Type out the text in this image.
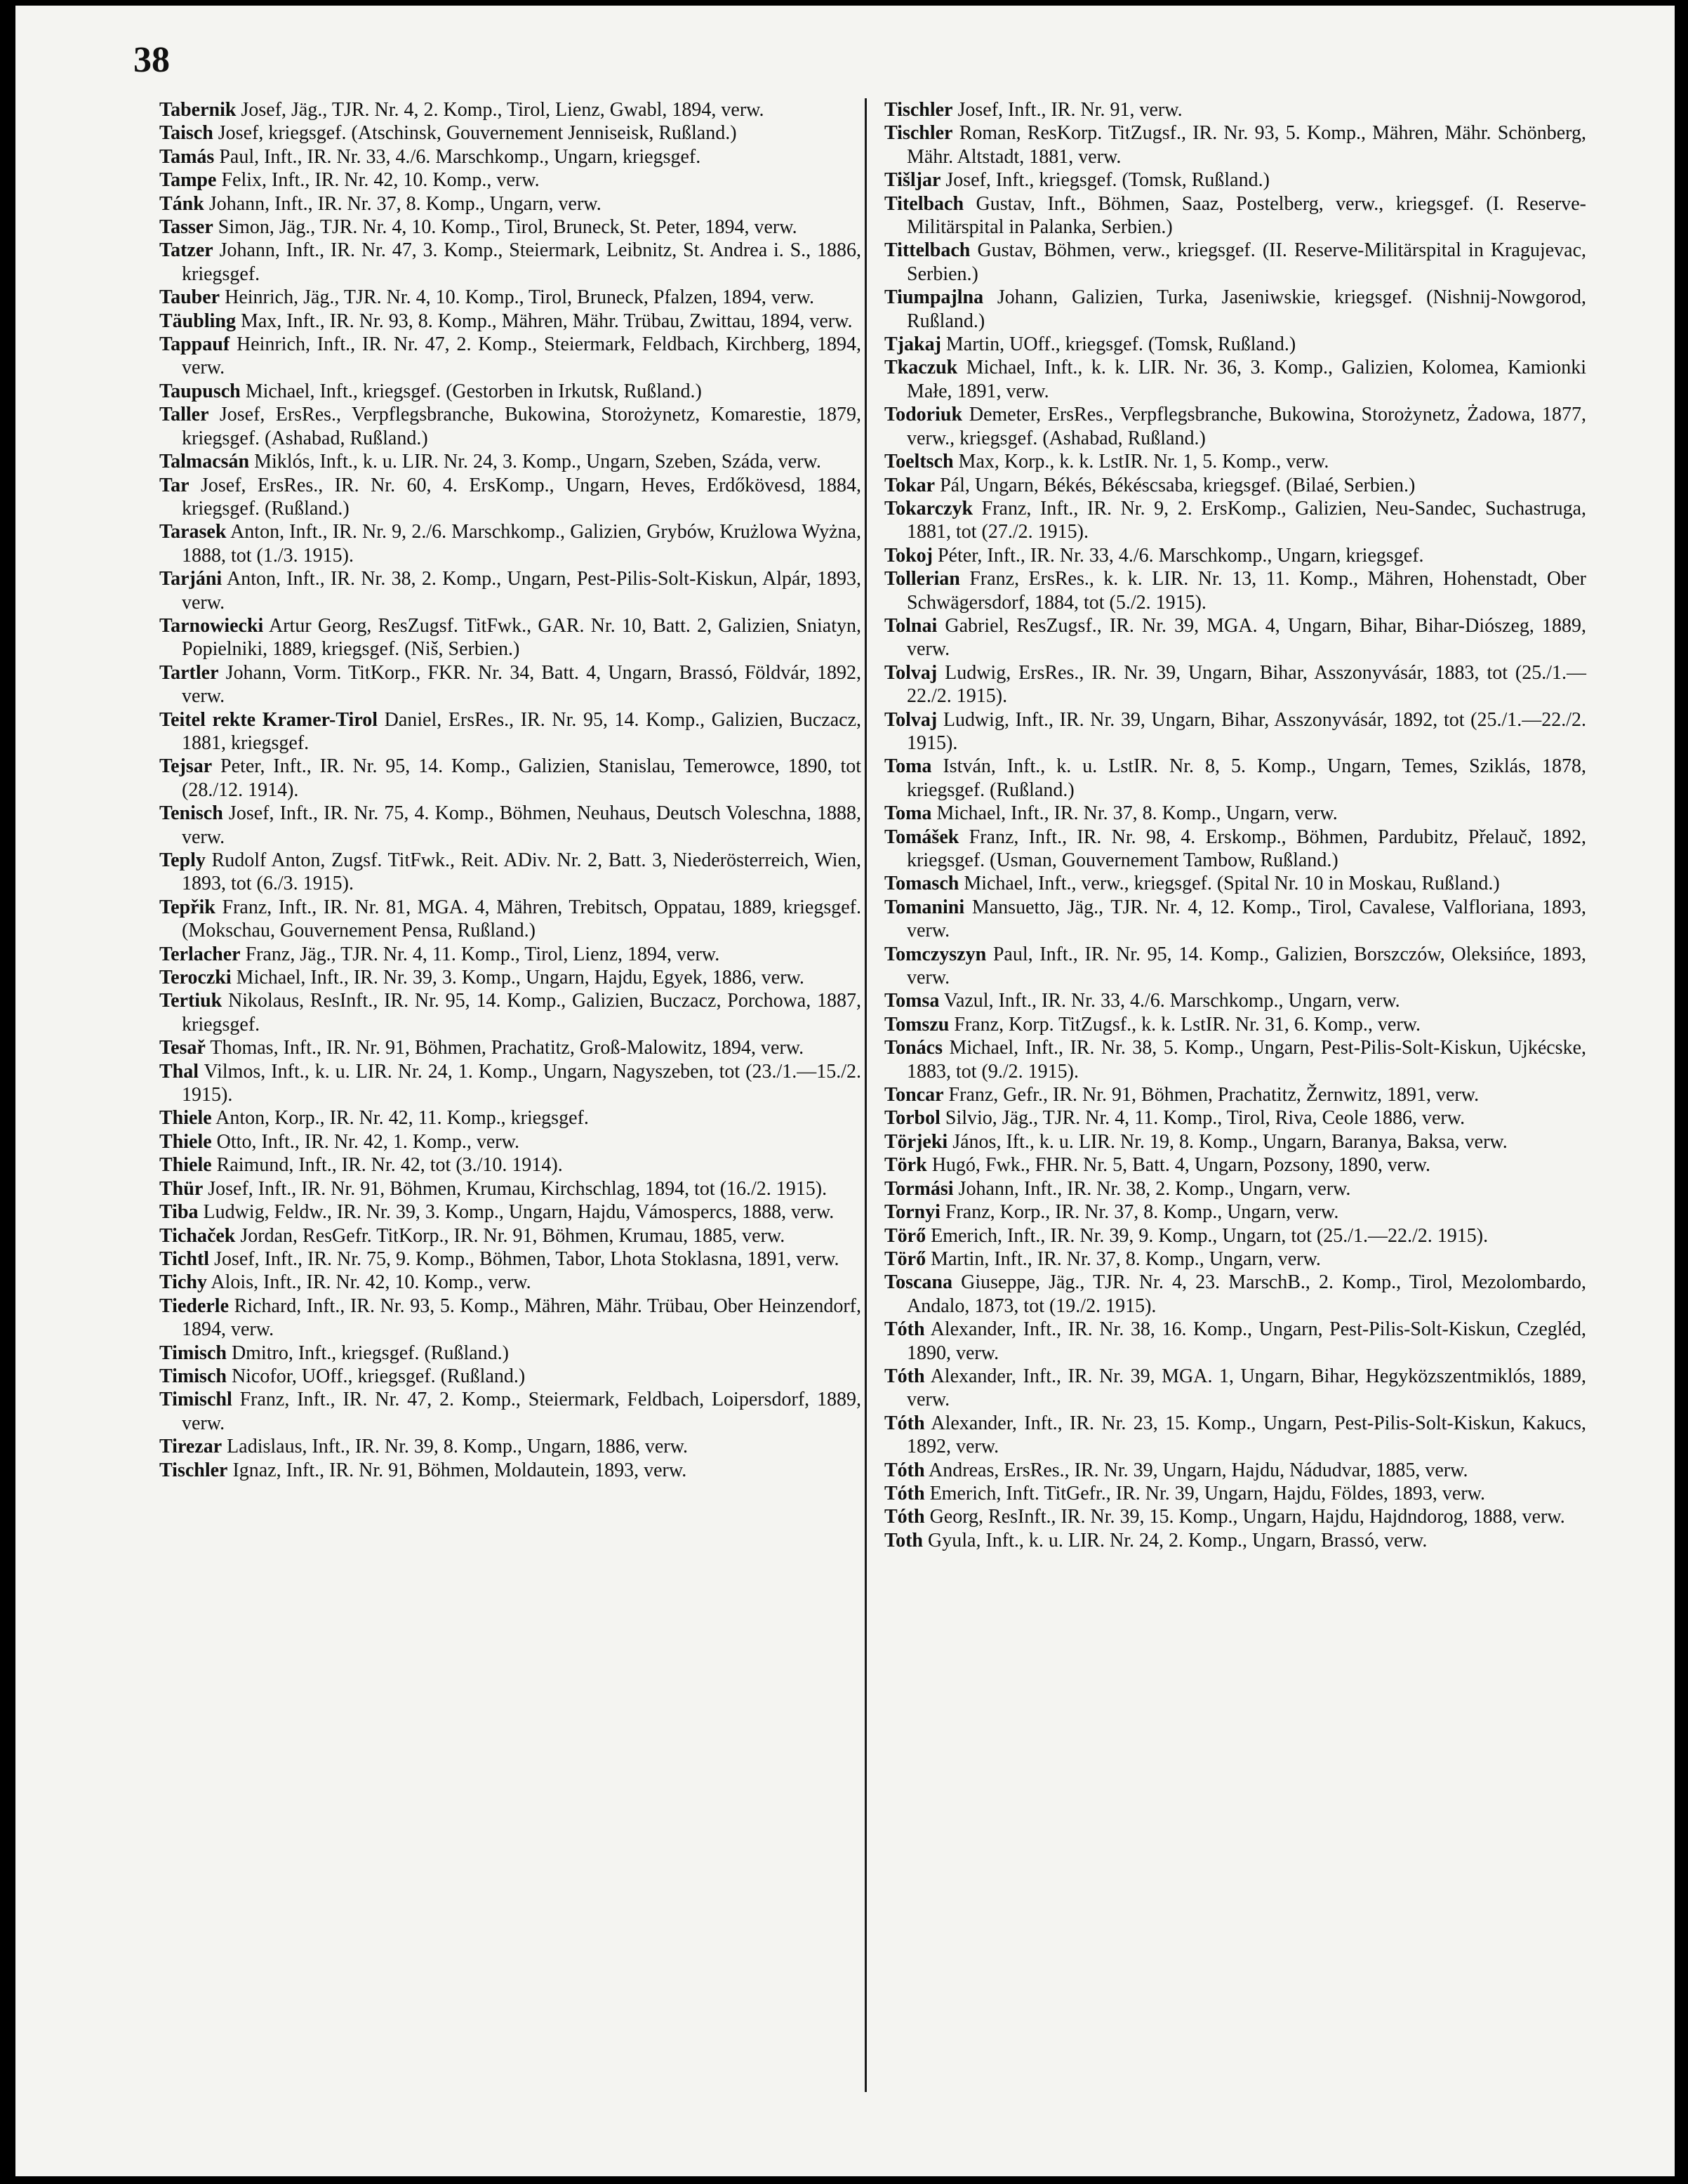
38

Tabernik Josef, Jäg., TJR. Nr. 4, 2. Komp., Tirol, Lienz, Gwabl, 1894, verw.

Taisch Josef, kriegsgef. (Atschinsk, Gouvernement Jenniseisk, Rußland.)

Tamás Paul, Inft., IR. Nr. 33, 4./6. Marschkomp., Ungarn, kriegsgef.

Tampe Felix, Inft., IR. Nr. 42, 10. Komp., verw.

Tánk Johann, Inft., IR. Nr. 37, 8. Komp., Ungarn, verw.

Tasser Simon, Jäg., TJR. Nr. 4, 10. Komp., Tirol, Bruneck, St. Peter, 1894, verw.

Tatzer Johann, Inft., IR. Nr. 47, 3. Komp., Steiermark, Leibnitz, St. Andrea i. S., 1886, kriegsgef.

Tauber Heinrich, Jäg., TJR. Nr. 4, 10. Komp., Tirol, Bruneck, Pfalzen, 1894, verw.

Täubling Max, Inft., IR. Nr. 93, 8. Komp., Mähren, Mähr. Trübau, Zwittau, 1894, verw.

Tappauf Heinrich, Inft., IR. Nr. 47, 2. Komp., Steiermark, Feldbach, Kirchberg, 1894, verw.

Taupusch Michael, Inft., kriegsgef. (Gestorben in Irkutsk, Rußland.)

Taller Josef, ErsRes., Verpflegsbranche, Bukowina, Storożynetz, Komarestie, 1879, kriegsgef. (Ashabad, Rußland.)

Talmacsán Miklós, Inft., k. u. LIR. Nr. 24, 3. Komp., Ungarn, Szeben, Száda, verw.

Tar Josef, ErsRes., IR. Nr. 60, 4. ErsKomp., Ungarn, Heves, Erdőkövesd, 1884, kriegsgef. (Rußland.)

Tarasek Anton, Inft., IR. Nr. 9, 2./6. Marschkomp., Galizien, Grybów, Krużlowa Wyżna, 1888, tot (1./3. 1915).

Tarjáni Anton, Inft., IR. Nr. 38, 2. Komp., Ungarn, Pest-Pilis-Solt-Kiskun, Alpár, 1893, verw.

Tarnowiecki Artur Georg, ResZugsf. TitFwk., GAR. Nr. 10, Batt. 2, Galizien, Sniatyn, Popielniki, 1889, kriegsgef. (Niš, Serbien.)

Tartler Johann, Vorm. TitKorp., FKR. Nr. 34, Batt. 4, Ungarn, Brassó, Földvár, 1892, verw.

Teitel rekte Kramer-Tirol Daniel, ErsRes., IR. Nr. 95, 14. Komp., Galizien, Buczacz, 1881, kriegsgef.

Tejsar Peter, Inft., IR. Nr. 95, 14. Komp., Galizien, Stanislau, Temerowce, 1890, tot (28./12. 1914).

Tenisch Josef, Inft., IR. Nr. 75, 4. Komp., Böhmen, Neuhaus, Deutsch Voleschna, 1888, verw.

Teply Rudolf Anton, Zugsf. TitFwk., Reit. ADiv. Nr. 2, Batt. 3, Niederösterreich, Wien, 1893, tot (6./3. 1915).

Tepřik Franz, Inft., IR. Nr. 81, MGA. 4, Mähren, Trebitsch, Oppatau, 1889, kriegsgef. (Mokschau, Gouvernement Pensa, Rußland.)

Terlacher Franz, Jäg., TJR. Nr. 4, 11. Komp., Tirol, Lienz, 1894, verw.

Teroczki Michael, Inft., IR. Nr. 39, 3. Komp., Ungarn, Hajdu, Egyek, 1886, verw.

Tertiuk Nikolaus, ResInft., IR. Nr. 95, 14. Komp., Galizien, Buczacz, Porchowa, 1887, kriegsgef.

Tesař Thomas, Inft., IR. Nr. 91, Böhmen, Prachatitz, Groß-Malowitz, 1894, verw.

Thal Vilmos, Inft., k. u. LIR. Nr. 24, 1. Komp., Ungarn, Nagyszeben, tot (23./1.—15./2. 1915).

Thiele Anton, Korp., IR. Nr. 42, 11. Komp., kriegsgef.

Thiele Otto, Inft., IR. Nr. 42, 1. Komp., verw.

Thiele Raimund, Inft., IR. Nr. 42, tot (3./10. 1914).

Thür Josef, Inft., IR. Nr. 91, Böhmen, Krumau, Kirchschlag, 1894, tot (16./2. 1915).

Tiba Ludwig, Feldw., IR. Nr. 39, 3. Komp., Ungarn, Hajdu, Vámospercs, 1888, verw.

Tichaček Jordan, ResGefr. TitKorp., IR. Nr. 91, Böhmen, Krumau, 1885, verw.

Tichtl Josef, Inft., IR. Nr. 75, 9. Komp., Böhmen, Tabor, Lhota Stoklasna, 1891, verw.

Tichy Alois, Inft., IR. Nr. 42, 10. Komp., verw.

Tiederle Richard, Inft., IR. Nr. 93, 5. Komp., Mähren, Mähr. Trübau, Ober Heinzendorf, 1894, verw.

Timisch Dmitro, Inft., kriegsgef. (Rußland.)

Timisch Nicofor, UOff., kriegsgef. (Rußland.)

Timischl Franz, Inft., IR. Nr. 47, 2. Komp., Steiermark, Feldbach, Loipersdorf, 1889, verw.

Tirezar Ladislaus, Inft., IR. Nr. 39, 8. Komp., Ungarn, 1886, verw.

Tischler Ignaz, Inft., IR. Nr. 91, Böhmen, Moldautein, 1893, verw.

Tischler Josef, Inft., IR. Nr. 91, verw.

Tischler Roman, ResKorp. TitZugsf., IR. Nr. 93, 5. Komp., Mähren, Mähr. Schönberg, Mähr. Altstadt, 1881, verw.

Tišljar Josef, Inft., kriegsgef. (Tomsk, Rußland.)

Titelbach Gustav, Inft., Böhmen, Saaz, Postelberg, verw., kriegsgef. (I. Reserve-Militärspital in Palanka, Serbien.)

Tittelbach Gustav, Böhmen, verw., kriegsgef. (II. Reserve-Militärspital in Kragujevac, Serbien.)

Tiumpajlna Johann, Galizien, Turka, Jaseniwskie, kriegsgef. (Nishnij-Nowgorod, Rußland.)

Tjakaj Martin, UOff., kriegsgef. (Tomsk, Rußland.)

Tkaczuk Michael, Inft., k. k. LIR. Nr. 36, 3. Komp., Galizien, Kolomea, Kamionki Małe, 1891, verw.

Todoriuk Demeter, ErsRes., Verpflegsbranche, Bukowina, Storożynetz, Żadowa, 1877, verw., kriegsgef. (Ashabad, Rußland.)

Toeltsch Max, Korp., k. k. LstIR. Nr. 1, 5. Komp., verw.

Tokar Pál, Ungarn, Békés, Békéscsaba, kriegsgef. (Bilaé, Serbien.)

Tokarczyk Franz, Inft., IR. Nr. 9, 2. ErsKomp., Galizien, Neu-Sandec, Suchastruga, 1881, tot (27./2. 1915).

Tokoj Péter, Inft., IR. Nr. 33, 4./6. Marschkomp., Ungarn, kriegsgef.

Tollerian Franz, ErsRes., k. k. LIR. Nr. 13, 11. Komp., Mähren, Hohenstadt, Ober Schwägersdorf, 1884, tot (5./2. 1915).

Tolnai Gabriel, ResZugsf., IR. Nr. 39, MGA. 4, Ungarn, Bihar, Bihar-Diószeg, 1889, verw.

Tolvaj Ludwig, ErsRes., IR. Nr. 39, Ungarn, Bihar, Asszonyvásár, 1883, tot (25./1.—22./2. 1915).

Tolvaj Ludwig, Inft., IR. Nr. 39, Ungarn, Bihar, Asszonyvásár, 1892, tot (25./1.—22./2. 1915).

Toma István, Inft., k. u. LstIR. Nr. 8, 5. Komp., Ungarn, Temes, Sziklás, 1878, kriegsgef. (Rußland.)

Toma Michael, Inft., IR. Nr. 37, 8. Komp., Ungarn, verw.

Tomášek Franz, Inft., IR. Nr. 98, 4. Erskomp., Böhmen, Pardubitz, Přelauč, 1892, kriegsgef. (Usman, Gouvernement Tambow, Rußland.)

Tomasch Michael, Inft., verw., kriegsgef. (Spital Nr. 10 in Moskau, Rußland.)

Tomanini Mansuetto, Jäg., TJR. Nr. 4, 12. Komp., Tirol, Cavalese, Valfloriana, 1893, verw.

Tomczyszyn Paul, Inft., IR. Nr. 95, 14. Komp., Galizien, Borszczów, Oleksińce, 1893, verw.

Tomsa Vazul, Inft., IR. Nr. 33, 4./6. Marschkomp., Ungarn, verw.

Tomszu Franz, Korp. TitZugsf., k. k. LstIR. Nr. 31, 6. Komp., verw.

Tonács Michael, Inft., IR. Nr. 38, 5. Komp., Ungarn, Pest-Pilis-Solt-Kiskun, Ujkécske, 1883, tot (9./2. 1915).

Toncar Franz, Gefr., IR. Nr. 91, Böhmen, Prachatitz, Žernwitz, 1891, verw.

Torbol Silvio, Jäg., TJR. Nr. 4, 11. Komp., Tirol, Riva, Ceole 1886, verw.

Törjeki János, Ift., k. u. LIR. Nr. 19, 8. Komp., Ungarn, Baranya, Baksa, verw.

Törk Hugó, Fwk., FHR. Nr. 5, Batt. 4, Ungarn, Pozsony, 1890, verw.

Tormási Johann, Inft., IR. Nr. 38, 2. Komp., Ungarn, verw.

Tornyi Franz, Korp., IR. Nr. 37, 8. Komp., Ungarn, verw.

Törő Emerich, Inft., IR. Nr. 39, 9. Komp., Ungarn, tot (25./1.—22./2. 1915).

Törő Martin, Inft., IR. Nr. 37, 8. Komp., Ungarn, verw.

Toscana Giuseppe, Jäg., TJR. Nr. 4, 23. MarschB., 2. Komp., Tirol, Mezolombardo, Andalo, 1873, tot (19./2. 1915).

Tóth Alexander, Inft., IR. Nr. 38, 16. Komp., Ungarn, Pest-Pilis-Solt-Kiskun, Czegléd, 1890, verw.

Tóth Alexander, Inft., IR. Nr. 39, MGA. 1, Ungarn, Bihar, Hegyközszentmiklós, 1889, verw.

Tóth Alexander, Inft., IR. Nr. 23, 15. Komp., Ungarn, Pest-Pilis-Solt-Kiskun, Kakucs, 1892, verw.

Tóth Andreas, ErsRes., IR. Nr. 39, Ungarn, Hajdu, Nádudvar, 1885, verw.

Tóth Emerich, Inft. TitGefr., IR. Nr. 39, Ungarn, Hajdu, Földes, 1893, verw.

Tóth Georg, ResInft., IR. Nr. 39, 15. Komp., Ungarn, Hajdu, Hajdndorog, 1888, verw.

Toth Gyula, Inft., k. u. LIR. Nr. 24, 2. Komp., Ungarn, Brassó, verw.
